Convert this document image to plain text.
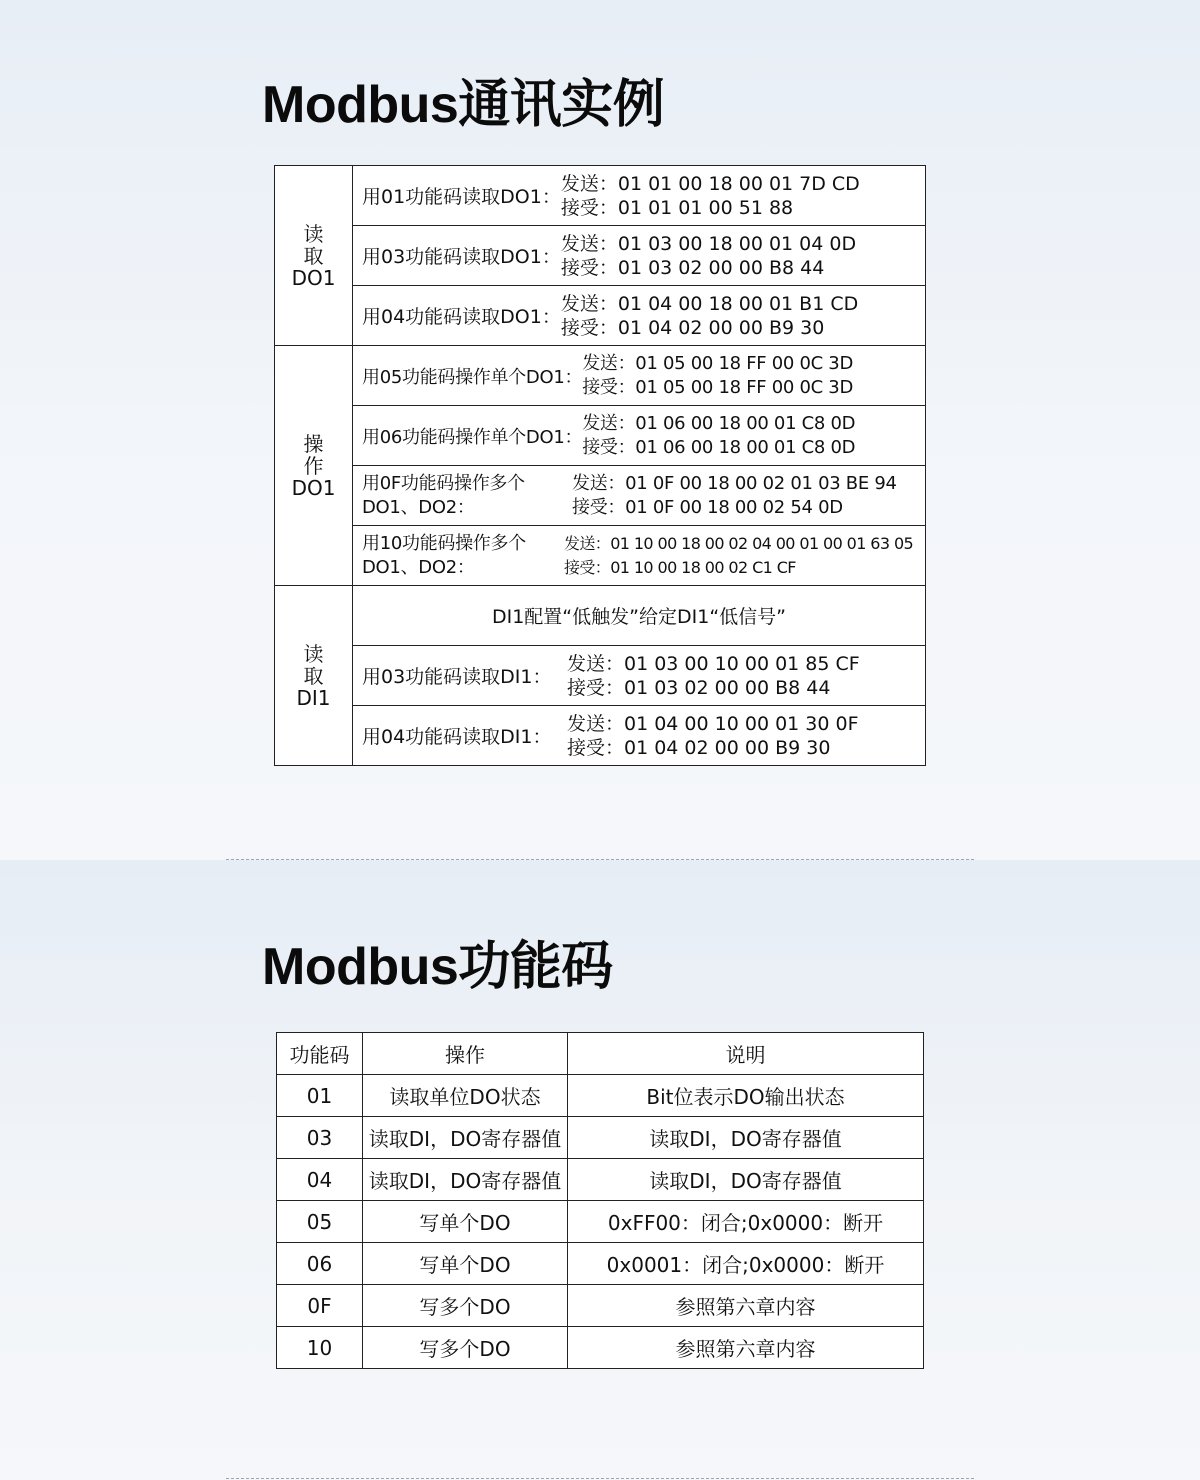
Modbus通讯实例
读
取
DO1	用01功能码读取DO1：
发送：01 01 00 18 00 01 7D CD
接受：01 01 01 00 51 88

	用03功能码读取DO1：
发送：01 03 00 18 00 01 04 0D
接受：01 03 02 00 00 B8 44

	用04功能码读取DO1：
发送：01 04 00 18 00 01 B1 CD
接受：01 04 02 00 00 B9 30

操
作
DO1	用05功能码操作单个DO1：
发送：01 05 00 18 FF 00 0C 3D
接受：01 05 00 18 FF 00 0C 3D

	用06功能码操作单个DO1：
发送：01 06 00 18 00 01 C8 0D
接受：01 06 00 18 00 01 C8 0D

	用0F功能码操作多个
DO1、DO2：
发送：01 0F 00 18 00 02 01 03 BE 94
接受：01 0F 00 18 00 02 54 0D

	用10功能码操作多个
DO1、DO2：
发送：01 10 00 18 00 02 04 00 01 00 01 63 05
接受：01 10 00 18 00 02 C1 CF

读
取
DI1	DI1配置“低触发”给定DI1“低信号”

	用03功能码读取DI1：
发送：01 03 00 10 00 01 85 CF
接受：01 03 02 00 00 B8 44

	用04功能码读取DI1：
发送：01 04 00 10 00 01 30 0F
接受：01 04 02 00 00 B9 30
Modbus功能码
功能码	操作	说明
01	读取单位DO状态	Bit位表示DO输出状态
03	读取DI，DO寄存器值	读取DI，DO寄存器值
04	读取DI，DO寄存器值	读取DI，DO寄存器值
05	写单个DO	0xFF00：闭合;0x0000：断开
06	写单个DO	0x0001：闭合;0x0000：断开
0F	写多个DO	参照第六章内容
10	写多个DO	参照第六章内容
